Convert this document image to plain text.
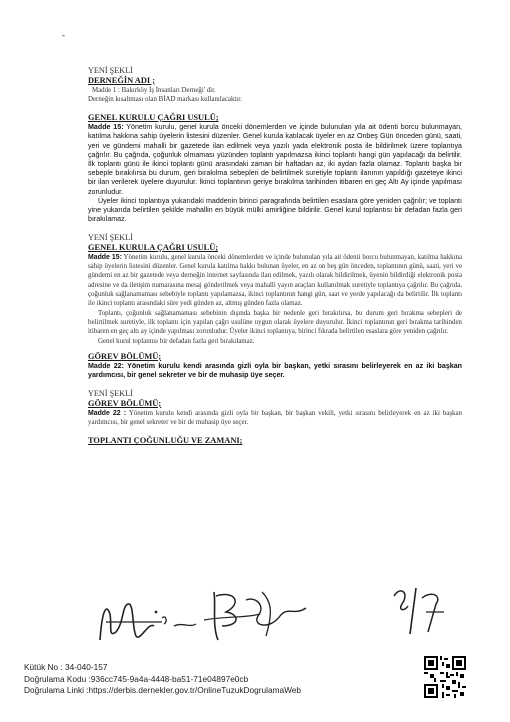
-
YENİ ŞEKLİ
DERNEĞİN ADI ;
Madde 1 : Bakırköy İş İnsanları Derneği' dir.
Derneğin kısaltması olan BİAD markası kullanılacaktır.
GENEL KURULU ÇAĞRI USULÜ;

Madde 15: Yönetim kurulu, genel kurula önceki dönemlerden ve içinde bulunulan yıla ait ödenti borcu bulunmayan, katılma hakkına sahip üyelerin listesini düzenler. Genel kurula katılacak üyeler en az Onbeş Gün önceden günü, saati, yeri ve gündemi mahalli bir gazetede ilan edilmek veya yazılı yada elektronik posta ile bildirilmek üzere toplantıya çağrılır. Bu çağrıda, çoğunluk olmaması yüzünden toplantı yapılmazsa ikinci toplantı hangi gün yapılacağı da belirtilir. İlk toplantı günü ile ikinci toplantı günü arasındaki zaman bir haftadan az, iki aydan fazla olamaz. Toplantı başka bir sebeple bırakılırsa bu durum, geri bırakılma sebepleri de belirtilmek suretiyle toplantı ilanının yapıldığı gazeteye ikinci bir ilan verilerek üyelere duyurulur. İkinci toplantının geriye bırakılma tarihinden itibaren en geç Altı Ay içinde yapılması zorunludur.

Üyeler ikinci toplantıya yukarıdaki maddenin birinci paragrafında belirtilen esaslara göre yeniden çağrılır; ve toplantı yine yukarıda belirtilen şekilde mahallin en büyük mülki amirliğine bildirilir. Genel kurul toplantısı bir defadan fazla geri bırakılamaz.

YENİ ŞEKLİ
GENEL KURULA ÇAĞRI USULÜ;

Madde 15: Yönetim kurulu, genel kurula önceki dönemlerden ve içinde bulunulan yıla ait ödenti borcu bulunmayan, katılma hakkına sahip üyelerin listesini düzenler. Genel kurula katılma hakkı bulunan üyeler, en az on beş gün önceden, toplantının günü, saati, yeri ve gündemi en az bir gazetede veya derneğin internet sayfasında ilan edilmek, yazılı olarak bildirilmek, üyenin bildirdiği elektronik posta adresine ve da iletişim numarasına mesaj gönderilmek veya mahalli yayın araçları kullanılmak suretiyle toplantıya çağrılır. Bu çağrıda, çoğunluk sağlanamaması sebebiyle toplantı yapılamazsa, ikinci toplantının hangi gün, saat ve yerde yapılacağı da belirtilir. İlk toplantı ile ikinci toplantı arasındaki süre yedi günden az, altmış günden fazla olamaz.

Toplantı, çoğunluk sağlanamaması sebebinin dışında başka bir nedenle geri bırakılırsa, bu durum geri bırakma sebepleri de belirtilmek suretiyle, ilk toplantı için yapılan çağrı usulüne uygun olarak üyelere duyurulur. İkinci toplantının geri bırakma tarihinden itibaren en geç altı ay içinde yapılması zorunludur. Üyeler ikinci toplantıya, birinci fıkrada belirtilen esaslara göre yeniden çağrılır.

Genel kurul toplantısı bir defadan fazla geri bırakılamaz.

GÖREV BÖLÜMÜ;

Madde 22: Yönetim kurulu kendi arasında gizli oyla bir başkan, yetki sırasını belirleyerek en az iki başkan yardımcısı, bir genel sekreter ve bir de muhasip üye seçer.

YENİ ŞEKLİ
GÖREV BÖLÜMÜ;

Madde 22 : Yönetim kurulu kendi arasında gizli oyla bir başkan, bir başkan vekili, yetki sırasını belirleyerek en az iki başkan yardımcısı, bir genel sekreter ve bir de muhasip üye seçer.

TOPLANTI ÇOĞUNLUĞU VE ZAMANI;
Kütük No : 34-040-157
Doğrulama Kodu :936cc745-9a4a-4448-ba51-71e04897e0cb
Doğrulama Linki :https://derbis.dernekler.gov.tr/OnlineTuzukDogrulamaWeb
